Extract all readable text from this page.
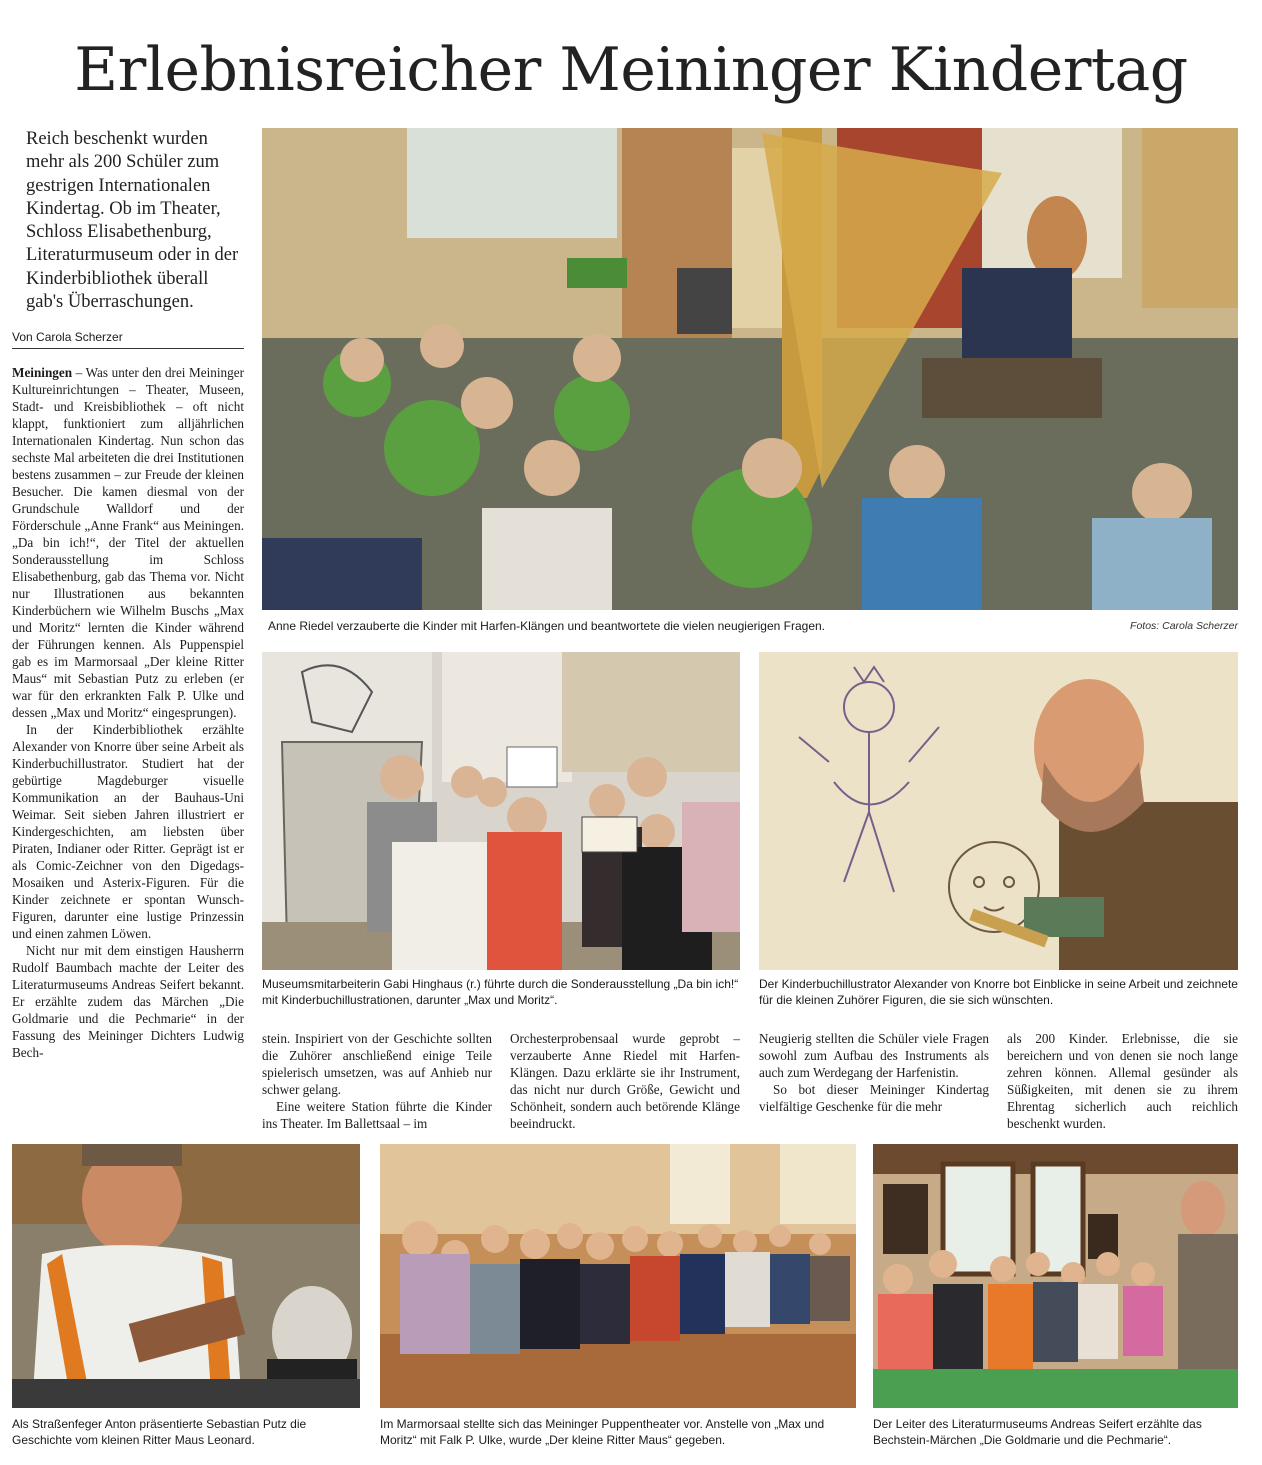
Erlebnisreicher Meininger Kindertag
Reich beschenkt wurden mehr als 200 Schüler zum gestrigen Internationalen Kindertag. Ob im Theater, Schloss Elisabethenburg, Literaturmuseum oder in der Kinderbibliothek überall gab's Überraschungen.
Von Carola Scherzer

Meiningen – Was unter den drei Meininger Kultureinrichtungen – Theater, Museen, Stadt- und Kreisbibliothek – oft nicht klappt, funktioniert zum alljährlichen Internationalen Kindertag. Nun schon das sechste Mal arbeiteten die drei Institutionen bestens zusammen – zur Freude der kleinen Besucher. Die kamen diesmal von der Grundschule Walldorf und der Förderschule „Anne Frank“ aus Meiningen. „Da bin ich!“, der Titel der aktuellen Sonderausstellung im Schloss Elisabethenburg, gab das Thema vor. Nicht nur Illustrationen aus bekannten Kinderbüchern wie Wilhelm Buschs „Max und Moritz“ lernten die Kinder während der Führungen kennen. Als Puppenspiel gab es im Marmorsaal „Der kleine Ritter Maus“ mit Sebastian Putz zu erleben (er war für den erkrankten Falk P. Ulke und dessen „Max und Moritz“ eingesprungen).

In der Kinderbibliothek erzählte Alexander von Knorre über seine Arbeit als Kinderbuchillustrator. Studiert hat der gebürtige Magdeburger visuelle Kommunikation an der Bauhaus-Uni Weimar. Seit sieben Jahren illustriert er Kindergeschichten, am liebsten über Piraten, Indianer oder Ritter. Geprägt ist er als Comic-Zeichner von den Digedags-Mosaiken und Asterix-Figuren. Für die Kinder zeichnete er spontan Wunsch-Figuren, darunter eine lustige Prinzessin und einen zahmen Löwen.

Nicht nur mit dem einstigen Hausherrn Rudolf Baumbach machte der Leiter des Literaturmuseums Andreas Seifert bekannt. Er erzählte zudem das Märchen „Die Goldmarie und die Pechmarie“ in der Fassung des Meininger Dichters Ludwig Bech-

stein. Inspiriert von der Geschichte sollten die Zuhörer anschließend einige Teile spielerisch umsetzen, was auf Anhieb nur schwer gelang.

Eine weitere Station führte die Kinder ins Theater. Im Ballettsaal – im

Orchesterprobensaal wurde geprobt – verzauberte Anne Riedel mit Harfen-Klängen. Dazu erklärte sie ihr Instrument, das nicht nur durch Größe, Gewicht und Schönheit, sondern auch betörende Klänge beeindruckt.

Neugierig stellten die Schüler viele Fragen sowohl zum Aufbau des Instruments als auch zum Werdegang der Harfenistin.

So bot dieser Meininger Kindertag vielfältige Geschenke für die mehr

als 200 Kinder. Erlebnisse, die sie bereichern und von denen sie noch lange zehren können. Allemal gesünder als Süßigkeiten, mit denen sie zu ihrem Ehrentag sicherlich auch reichlich beschenkt wurden.

Anne Riedel verzauberte die Kinder mit Harfen-Klängen und beantwortete die vielen neugierigen Fragen.	Fotos: Carola Scherzer
Museumsmitarbeiterin Gabi Hinghaus (r.) führte durch die Sonderausstellung „Da bin ich!“ mit Kinderbuchillustrationen, darunter „Max und Moritz“.
Der Kinderbuchillustrator Alexander von Knorre bot Einblicke in seine Arbeit und zeichnete für die kleinen Zuhörer Figuren, die sie sich wünschten.
Als Straßenfeger Anton präsentierte Sebastian Putz die Geschichte vom kleinen Ritter Maus Leonard.
Im Marmorsaal stellte sich das Meininger Puppentheater vor. Anstelle von „Max und Moritz“ mit Falk P. Ulke, wurde „Der kleine Ritter Maus“ gegeben.
Der Leiter des Literaturmuseums Andreas Seifert erzählte das Bechstein-Märchen „Die Goldmarie und die Pechmarie“.
